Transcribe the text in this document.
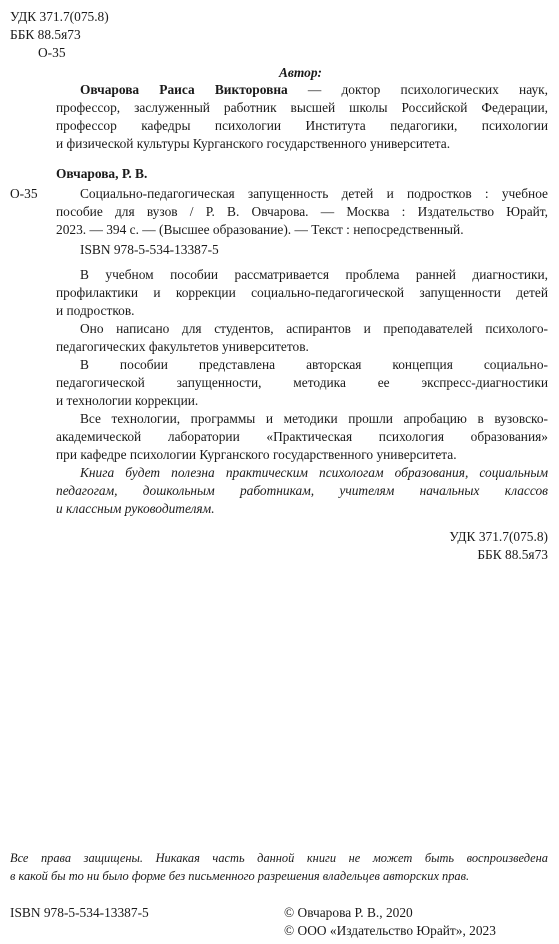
УДК 371.7(075.8)
ББК 88.5я73
О-35
Автор:
Овчарова Раиса Викторовна — доктор психологических наук,
профессор, заслуженный работник высшей школы Российской Федерации,
профессор кафедры психологии Института педагогики, психологии
и физической культуры Курганского государственного университета.
Овчарова, Р. В.
О-35	Социально-педагогическая запущенность детей и подростков : учебное
пособие для вузов / Р. В. Овчарова. — Москва : Издательство Юрайт,
2023. — 394 с. — (Высшее образование). — Текст : непосредственный.
ISBN 978-5-534-13387-5
В учебном пособии рассматривается проблема ранней диагностики,
профилактики и коррекции социально-педагогической запущенности детей
и подростков.
Оно написано для студентов, аспирантов и преподавателей психолого-
педагогических факультетов университетов.
В пособии представлена авторская концепция социально-
педагогической запущенности, методика ее экспресс-диагностики
и технологии коррекции.
Все технологии, программы и методики прошли апробацию в вузовско-
академической лаборатории «Практическая психология образования»
при кафедре психологии Курганского государственного университета.
Книга будет полезна практическим психологам образования, социальным
педагогам, дошкольным работникам, учителям начальных классов
и классным руководителям.
УДК 371.7(075.8)
ББК 88.5я73
Все права защищены. Никакая часть данной книги не может быть воспроизведена
в какой бы то ни было форме без письменного разрешения владельцев авторских прав.
ISBN 978-5-534-13387-5	© Овчарова Р. В., 2020
© ООО «Издательство Юрайт», 2023
